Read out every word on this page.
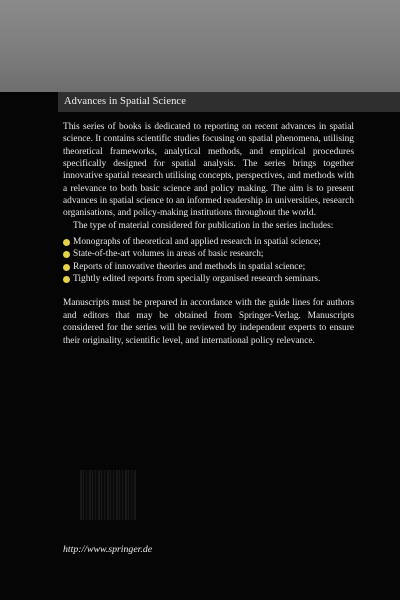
Advances in Spatial Science

This series of books is dedicated to reporting on recent advances in spatial science. It contains scientific studies focusing on spatial phenomena, utilising theoretical frameworks, analytical methods, and empirical procedures specifically designed for spatial analysis. The series brings together innovative spatial research utilising concepts, perspectives, and methods with a relevance to both basic science and policy making. The aim is to present advances in spatial science to an informed readership in universities, research organisations, and policy-making institutions throughout the world.

The type of material considered for publication in the series includes:

Monographs of theoretical and applied research in spatial science;
State-of-the-art volumes in areas of basic research;
Reports of innovative theories and methods in spatial science;
Tightly edited reports from specially organised research seminars.

Manuscripts must be prepared in accordance with the guide lines for authors and editors that may be obtained from Springer-Verlag. Manuscripts considered for the series will be reviewed by independent experts to ensure their originality, scientific level, and international policy relevance.

http://www.springer.de
